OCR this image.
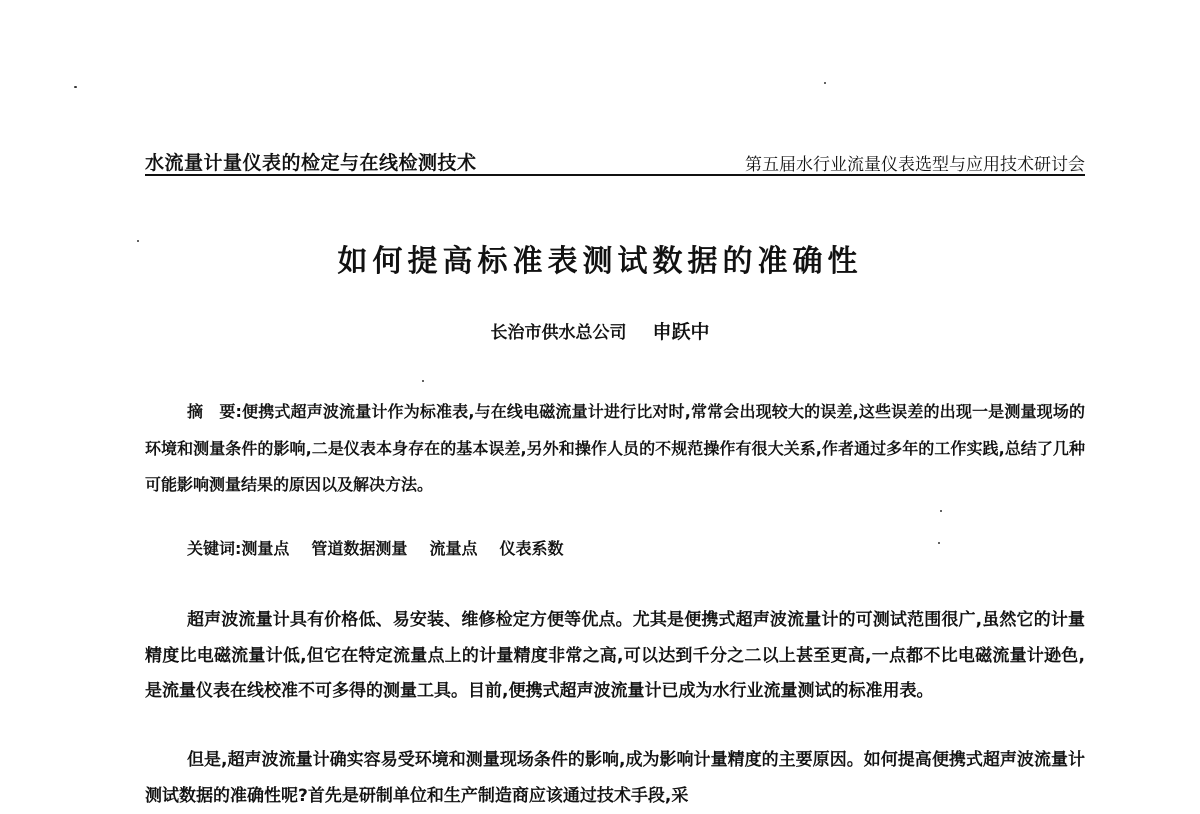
水流量计量仪表的检定与在线检测技术	第五届水行业流量仪表选型与应用技术研讨会
如何提高标准表测试数据的准确性
长治市供水总公司 申跃中

摘　要:便携式超声波流量计作为标准表,与在线电磁流量计进行比对时,常常会出现较大的误差,这些误差的出现一是测量现场的环境和测量条件的影响,二是仪表本身存在的基本误差,另外和操作人员的不规范操作有很大关系,作者通过多年的工作实践,总结了几种可能影响测量结果的原因以及解决方法。

关键词:测量点 管道数据测量 流量点 仪表系数

超声波流量计具有价格低、易安装、维修检定方便等优点。尤其是便携式超声波流量计的可测试范围很广,虽然它的计量精度比电磁流量计低,但它在特定流量点上的计量精度非常之高,可以达到千分之二以上甚至更高,一点都不比电磁流量计逊色,是流量仪表在线校准不可多得的测量工具。目前,便携式超声波流量计已成为水行业流量测试的标准用表。

但是,超声波流量计确实容易受环境和测量现场条件的影响,成为影响计量精度的主要原因。如何提高便携式超声波流量计测试数据的准确性呢?首先是研制单位和生产制造商应该通过技术手段,采
